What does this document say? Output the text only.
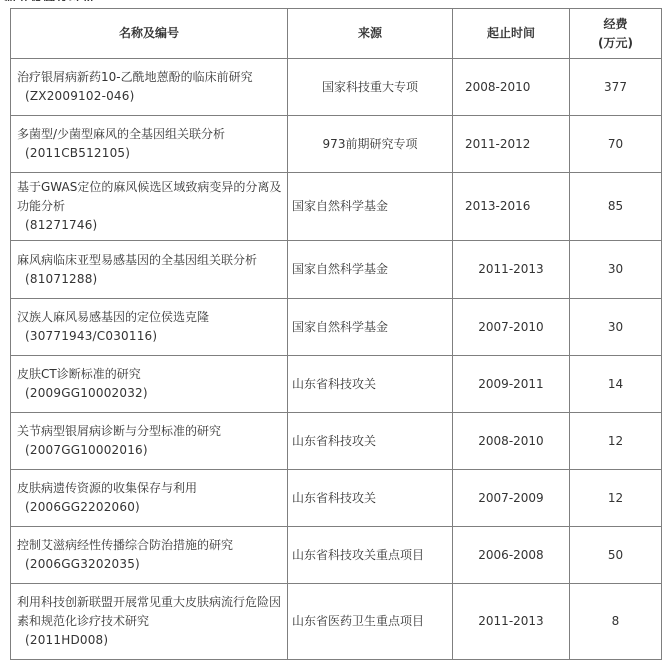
名称及编号	来源	起止时间	经费
(万元)
治疗银屑病新药10-乙酰地蒽酚的临床前研究
(ZX2009102-046)	国家科技重大专项	2008-2010	377
多菌型/少菌型麻风的全基因组关联分析
(2011CB512105)	973前期研究专项	2011-2012	70
基于GWAS定位的麻风候选区域致病变异的分离及功能分析
(81271746)	国家自然科学基金	2013-2016	85
麻风病临床亚型易感基因的全基因组关联分析
(81071288)	国家自然科学基金	2011-2013	30
汉族人麻风易感基因的定位侯选克隆
(30771943/C030116)	国家自然科学基金	2007-2010	30
皮肤CT诊断标准的研究
(2009GG10002032)	山东省科技攻关	2009-2011	14
关节病型银屑病诊断与分型标准的研究
(2007GG10002016)	山东省科技攻关	2008-2010	12
皮肤病遗传资源的收集保存与利用
(2006GG2202060)	山东省科技攻关	2007-2009	12
控制艾滋病经性传播综合防治措施的研究
(2006GG3202035)	山东省科技攻关重点项目	2006-2008	50
利用科技创新联盟开展常见重大皮肤病流行危险因素和规范化诊疗技术研究
(2011HD008)	山东省医药卫生重点项目	2011-2013	8
